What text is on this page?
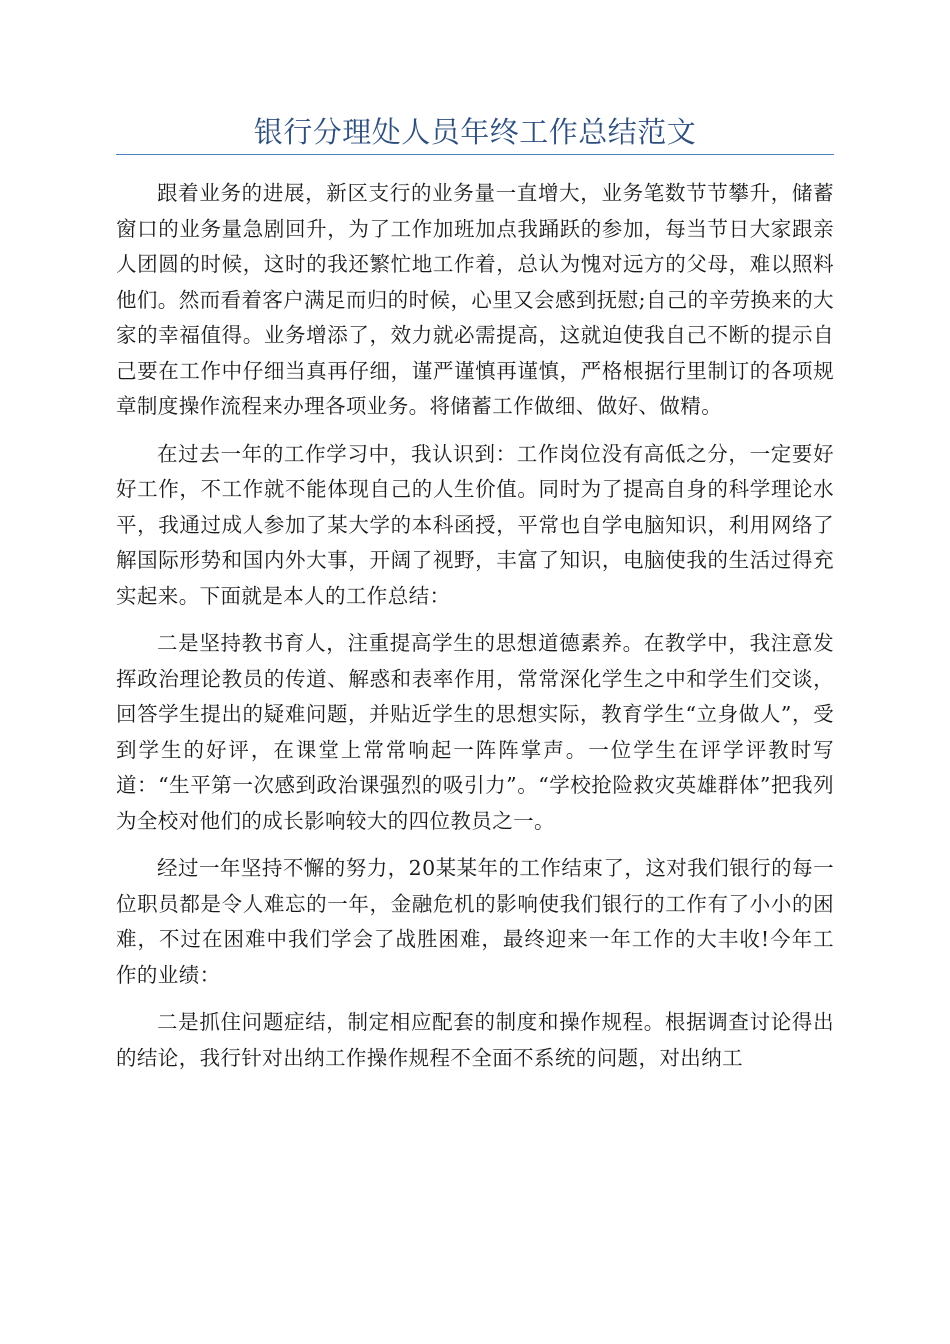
银行分理处人员年终工作总结范文

跟着业务的进展，新区支行的业务量一直增大，业务笔数节节攀升，储蓄窗口的业务量急剧回升，为了工作加班加点我踊跃的参加，每当节日大家跟亲人团圆的时候，这时的我还繁忙地工作着，总认为愧对远方的父母，难以照料他们。然而看着客户满足而归的时候，心里又会感到抚慰;自己的辛劳换来的大家的幸福值得。业务增添了，效力就必需提高，这就迫使我自己不断的提示自己要在工作中仔细当真再仔细，谨严谨慎再谨慎，严格根据行里制订的各项规章制度操作流程来办理各项业务。将储蓄工作做细、做好、做精。

在过去一年的工作学习中，我认识到：工作岗位没有高低之分，一定要好好工作，不工作就不能体现自己的人生价值。同时为了提高自身的科学理论水平，我通过成人参加了某大学的本科函授，平常也自学电脑知识，利用网络了解国际形势和国内外大事，开阔了视野，丰富了知识，电脑使我的生活过得充实起来。下面就是本人的工作总结：

二是坚持教书育人，注重提高学生的思想道德素养。在教学中，我注意发挥政治理论教员的传道、解惑和表率作用，常常深化学生之中和学生们交谈，回答学生提出的疑难问题，并贴近学生的思想实际，教育学生“立身做人”，受到学生的好评，在课堂上常常响起一阵阵掌声。一位学生在评学评教时写道：“生平第一次感到政治课强烈的吸引力”。“学校抢险救灾英雄群体”把我列为全校对他们的成长影响较大的四位教员之一。

经过一年坚持不懈的努力，20某某年的工作结束了，这对我们银行的每一位职员都是令人难忘的一年，金融危机的影响使我们银行的工作有了小小的困难，不过在困难中我们学会了战胜困难，最终迎来一年工作的大丰收!今年工作的业绩：

二是抓住问题症结，制定相应配套的制度和操作规程。根据调查讨论得出的结论，我行针对出纳工作操作规程不全面不系统的问题，对出纳工
